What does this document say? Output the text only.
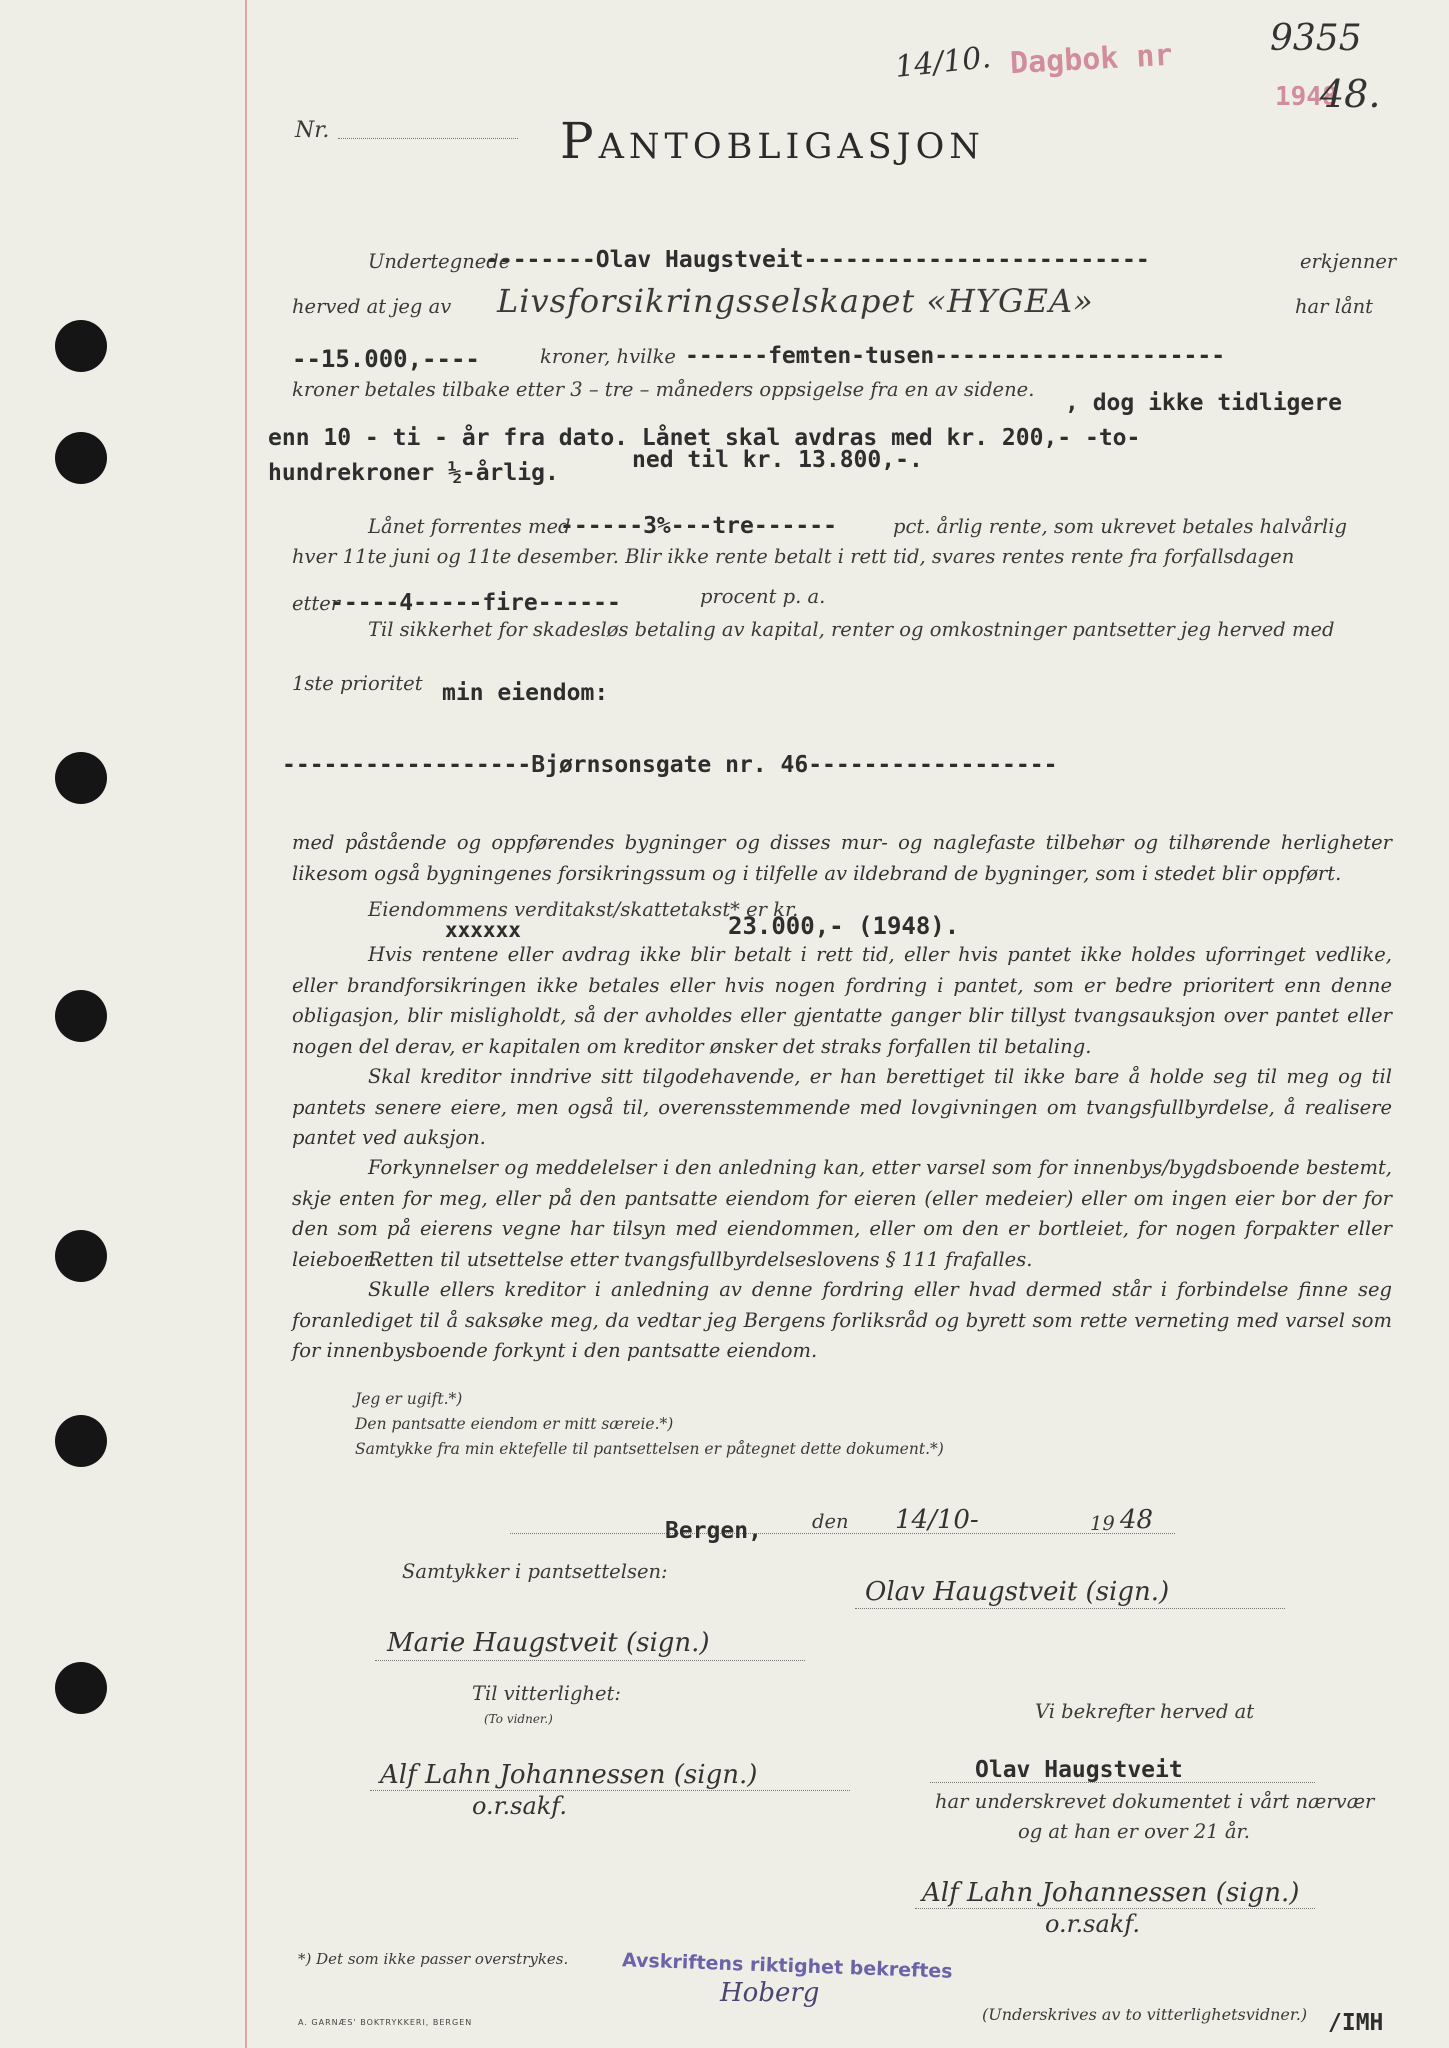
Nr.	Pantobligasjon
14/10. Dagbok nr
1948
9355
48.
Undertegnede
--------Olav Haugstveit-------------------------	erkjenner
herved at jeg av Livsforsikringsselskapet «HYGEA»	har lånt
--15.000,----	kroner, hvilke ------femten-tusen---------------------
kroner betales tilbake etter 3 – tre – måneders oppsigelse fra en av sidene.
, dog ikke tidligere
enn 10 - ti - år fra dato. Lånet skal avdras med kr. 200,- -to-
hundrekroner ½-årlig.	ned til kr. 13.800,-.
Lånet forrentes med
------3%---tre------	pct. årlig rente, som ukrevet betales halvårlig
hver 11te juni og 11te desember. Blir ikke rente betalt i rett tid, svares rentes rente fra forfallsdagen
etter
-----4-----fire------	procent p. a.
Til sikkerhet for skadesløs betaling av kapital, renter og omkostninger pantsetter jeg herved med
1ste prioritet min eiendom:
------------------Bjørnsonsgate nr. 46------------------
med påstående og oppførendes bygninger og disses mur- og naglefaste tilbehør og tilhørende herligheter likesom også bygningenes forsikringssum og i tilfelle av ildebrand de bygninger, som i stedet blir oppført.
Eiendommens verditakst/skattetakst* er kr.
xxxxxx	23.000,- (1948).
Hvis rentene eller avdrag ikke blir betalt i rett tid, eller hvis pantet ikke holdes uforringet vedlike, eller brandforsikringen ikke betales eller hvis nogen fordring i pantet, som er bedre prioritert enn denne obligasjon, blir misligholdt, så der avholdes eller gjentatte ganger blir tillyst tvangsauksjon over pantet eller nogen del derav, er kapitalen om kreditor ønsker det straks forfallen til betaling.
Skal kreditor inndrive sitt tilgodehavende, er han berettiget til ikke bare å holde seg til meg og til pantets senere eiere, men også til, overensstemmende med lovgivningen om tvangsfullbyrdelse, å realisere pantet ved auksjon.
Forkynnelser og meddelelser i den anledning kan, etter varsel som for innenbys/bygdsboende bestemt, skje enten for meg, eller på den pantsatte eiendom for eieren (eller medeier) eller om ingen eier bor der for den som på eierens vegne har tilsyn med eiendommen, eller om den er bortleiet, for nogen forpakter eller leieboer.
Retten til utsettelse etter tvangsfullbyrdelseslovens § 111 frafalles.
Skulle ellers kreditor i anledning av denne fordring eller hvad dermed står i forbindelse finne seg foranlediget til å saksøke meg, da vedtar jeg Bergens forliksråd og byrett som rette verneting med varsel som for innenbysboende forkynt i den pantsatte eiendom.
Jeg er ugift.*)
Den pantsatte eiendom er mitt særeie.*)
Samtykke fra min ektefelle til pantsettelsen er påtegnet dette dokument.*)
Bergen,	den 14/10-	19 48
Samtykker i pantsettelsen:
Olav Haugstveit (sign.)
Marie Haugstveit (sign.)
Til vitterlighet:
(To vidner.)	Vi bekrefter herved at
Alf Lahn Johannessen (sign.)
o.r.sakf.
Olav Haugstveit
har underskrevet dokumentet i vårt nærvær
og at han er over 21 år.
Alf Lahn Johannessen (sign.)
o.r.sakf.
*) Det som ikke passer overstrykes.
A. GARNÆS' BOKTRYKKERI, BERGEN
Avskriftens riktighet bekreftes
Hoberg
(Underskrives av to vitterlighetsvidner.) /IMH
